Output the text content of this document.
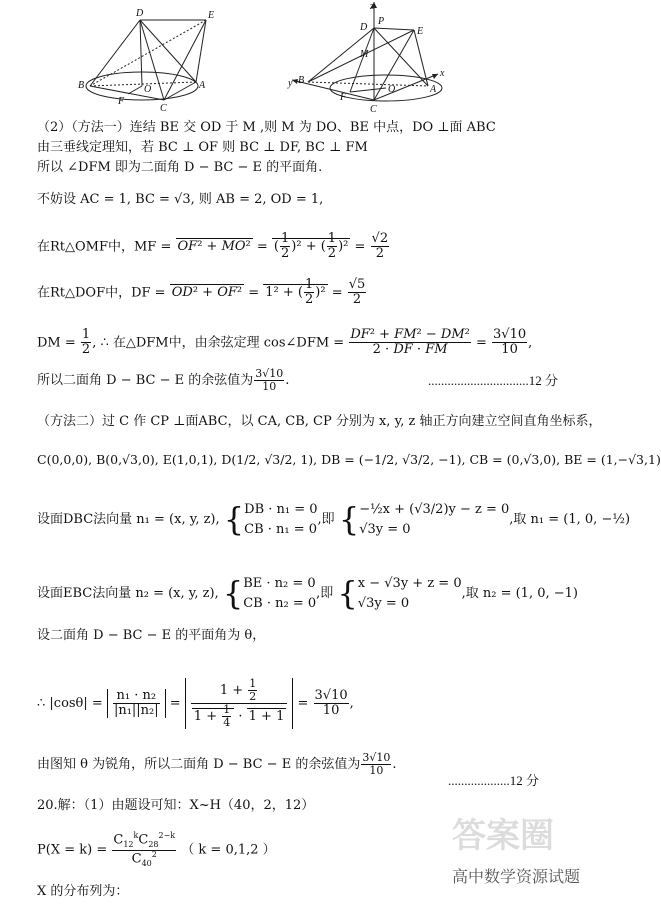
D	E
B	O	A
F
C
z
P
E
D
M
B
y
F
O	A
C
x
（2）（方法一）连结 BE 交 OD 于 M ,则 M 为 DO、BE 中点，DO ⊥面 ABC
由三垂线定理知，若 BC ⊥ OF 则 BC ⊥ DF, BC ⊥ FM
所以 ∠DFM 即为二面角 D − BC − E 的平面角.
不妨设 AC = 1, BC = √3, 则 AB = 2, OD = 1,
在Rt△OMF中，MF = OF² + MO² = ( $\frac{1}{2} )^2$ + ( $\frac{1}{2} )^2 = \frac{√2}{2}$
在Rt△DOF中，DF = OD² + OF² = 1² + ( $\frac{1}{2} )^2 = \frac{√5}{2}$
DM = $\frac{1}{2}$ , ∴ 在△DFM中，由余弦定理 cos∠DFM = $\frac{\text{DF² + FM² − DM²}}{2 \cdot DF \cdot FM} = \frac{3√10}{10}$ ,
所以二面角 D − BC − E 的余弦值为 $\frac{3√10}{10}$ .	...............................12 分
（方法二）过 C 作 CP ⊥面ABC，以 CA, CB, CP 分别为 x, y, z 轴正方向建立空间直角坐标系，
C(0,0,0), B(0,√3,0), E(1,0,1), D(1/2, √3/2, 1), DB = (−1/2, √3/2, −1), CB = (0,√3,0), BE = (1,−√3,1)
设面DBC法向量 n₁ = (x, y, z), {DB · n₁ = 0
CB · n₁ = 0,即 {−½x + (√3/2)y − z = 0
√3y = 0,取 n₁ = (1, 0, −½)
设面EBC法向量 n₂ = (x, y, z), {BE · n₂ = 0
CB · n₂ = 0,即 {x − √3y + z = 0
√3y = 0,取 n₂ = (1, 0, −1)
设二面角 D − BC − E 的平面角为 θ，
∴ $|\cos\theta| = \frac{\text{n₁ · n₂}}{\text{|n₁||n₂|}} = \frac{1 + \frac{1}{2}}{1 + \frac{1}{4} \cdot 1 + 1} = \frac{3√10}{10}$ ,
由图知 θ 为锐角，所以二面角 D − BC − E 的余弦值为 $\frac{3√10}{10}$ .
...................12 分
20.解：（1）由题设可知：X~H（40，2，12）
$P(X = k) = \frac{C_{12}^kC_{28}^{2-k}}{C_{40}^2}$ （ k = 0,1,2 ）
X 的分布列为：
答案圈
高中数学资源试题
